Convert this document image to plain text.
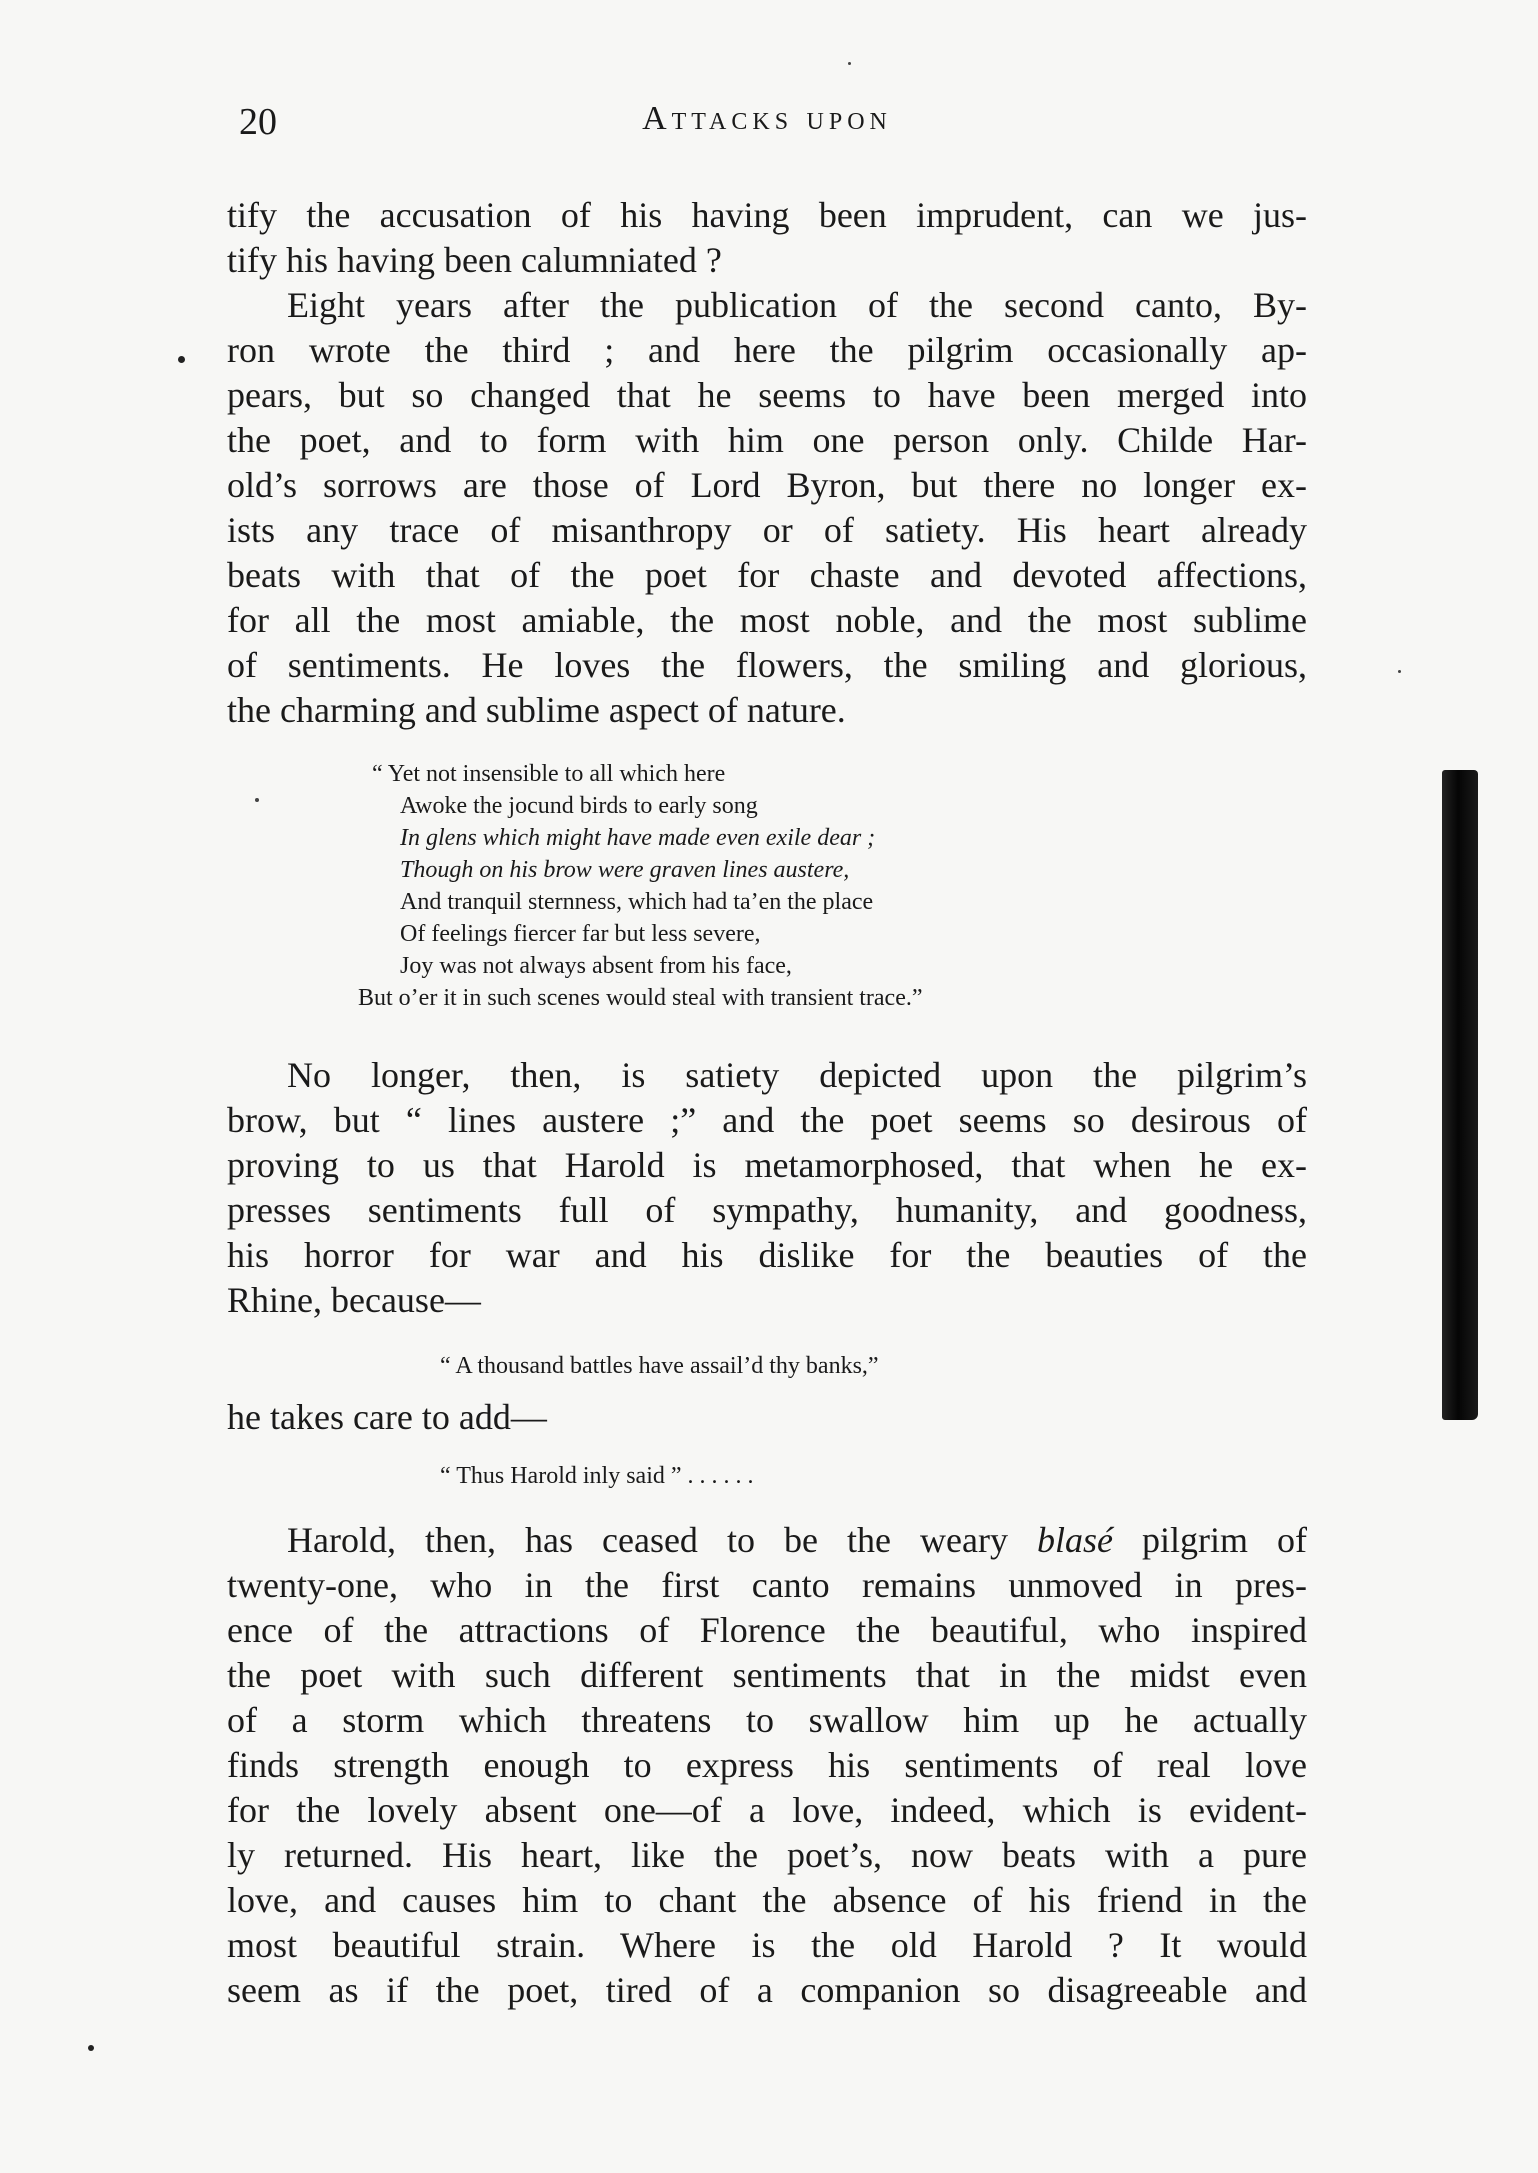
20	Attacks upon
tify the accusation of his having been imprudent, can we jus-
tify his having been calumniated ?
Eight years after the publication of the second canto, By-
ron wrote the third ; and here the pilgrim occasionally ap-
pears, but so changed that he seems to have been merged into
the poet, and to form with him one person only. Childe Har-
old’s sorrows are those of Lord Byron, but there no longer ex-
ists any trace of misanthropy or of satiety. His heart already
beats with that of the poet for chaste and devoted affections,
for all the most amiable, the most noble, and the most sublime
of sentiments. He loves the flowers, the smiling and glorious,
the charming and sublime aspect of nature.
“ Yet not insensible to all which here
Awoke the jocund birds to early song
In glens which might have made even exile dear ;
Though on his brow were graven lines austere,
And tranquil sternness, which had ta’en the place
Of feelings fiercer far but less severe,
Joy was not always absent from his face,
But o’er it in such scenes would steal with transient trace.”
No longer, then, is satiety depicted upon the pilgrim’s
brow, but “ lines austere ;” and the poet seems so desirous of
proving to us that Harold is metamorphosed, that when he ex-
presses sentiments full of sympathy, humanity, and goodness,
his horror for war and his dislike for the beauties of the
Rhine, because—
“ A thousand battles have assail’d thy banks,”
he takes care to add—
“ Thus Harold inly said ” . . . . . .
Harold, then, has ceased to be the weary blasé pilgrim of
twenty-one, who in the first canto remains unmoved in pres-
ence of the attractions of Florence the beautiful, who inspired
the poet with such different sentiments that in the midst even
of a storm which threatens to swallow him up he actually
finds strength enough to express his sentiments of real love
for the lovely absent one—of a love, indeed, which is evident-
ly returned. His heart, like the poet’s, now beats with a pure
love, and causes him to chant the absence of his friend in the
most beautiful strain. Where is the old Harold ? It would
seem as if the poet, tired of a companion so disagreeable and
